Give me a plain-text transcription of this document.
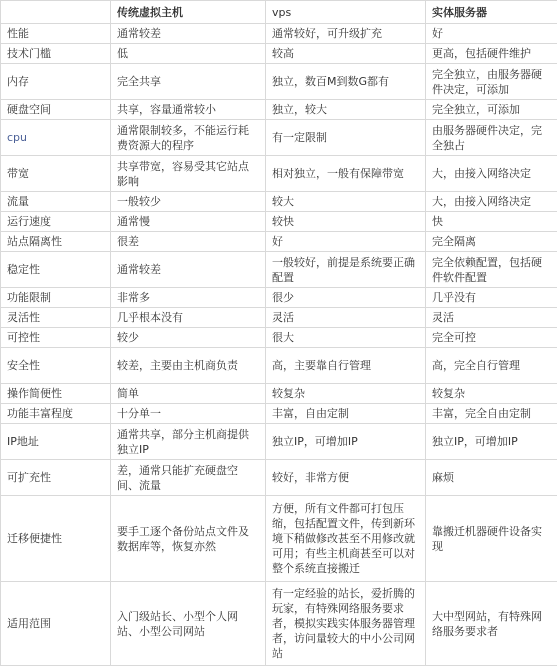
	传统虚拟主机	vps	实体服务器
性能	通常较差	通常较好，可升级扩充	好
技术门槛	低	较高	更高，包括硬件维护
内存	完全共享	独立，数百M到数G都有	完全独立，由服务器硬件决定，可添加
硬盘空间	共享，容量通常较小	独立，较大	完全独立，可添加
cpu	通常限制较多，不能运行耗费资源大的程序	有一定限制	由服务器硬件决定，完全独占
带宽	共享带宽，容易受其它站点影响	相对独立，一般有保障带宽	大，由接入网络决定
流量	一般较少	较大	大，由接入网络决定
运行速度	通常慢	较快	快
站点隔离性	很差	好	完全隔离
稳定性	通常较差	一般较好，前提是系统要正确配置	完全依赖配置，包括硬件软件配置
功能限制	非常多	很少	几乎没有
灵活性	几乎根本没有	灵活	灵活
可控性	较少	很大	完全可控
安全性	较差，主要由主机商负责	高，主要靠自行管理	高，完全自行管理
操作简便性	简单	较复杂	较复杂
功能丰富程度	十分单一	丰富，自由定制	丰富，完全自由定制
IP地址	通常共享，部分主机商提供独立IP	独立IP，可增加IP	独立IP，可增加IP
可扩充性	差，通常只能扩充硬盘空间、流量	较好，非常方便	麻烦
迁移便捷性	要手工逐个备份站点文件及数据库等，恢复亦然	方便，所有文件都可打包压缩，包括配置文件，传到新环境下稍做修改甚至不用修改就可用；有些主机商甚至可以对整个系统直接搬迁	靠搬迁机器硬件设备实现
适用范围	入门级站长、小型个人网站、小型公司网站	有一定经验的站长，爱折腾的玩家，有特殊网络服务要求者，模拟实践实体服务器管理者，访问量较大的中小公司网站	大中型网站，有特殊网络服务要求者
